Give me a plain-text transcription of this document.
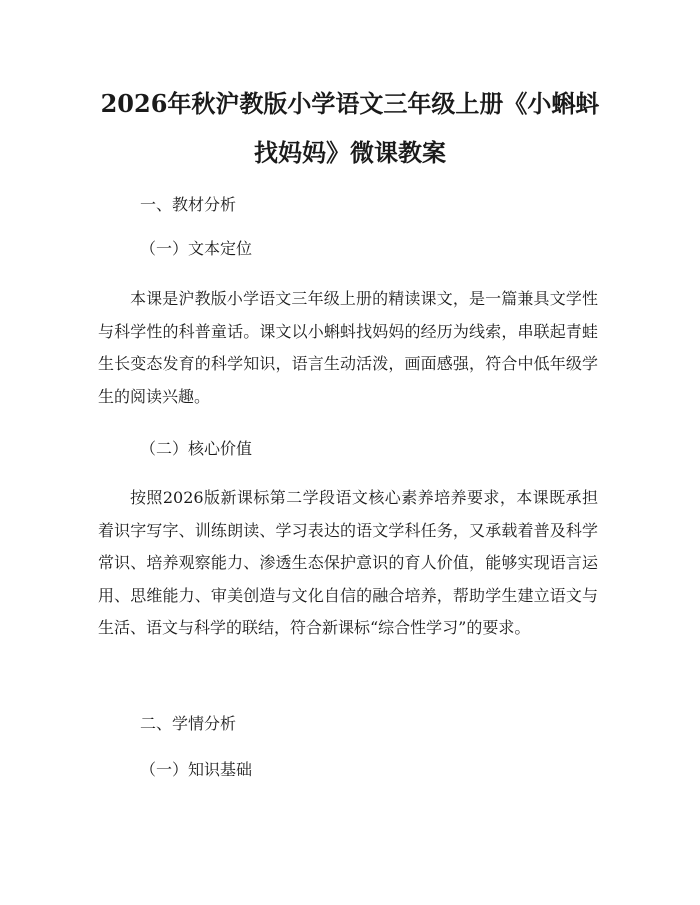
2026年秋沪教版小学语文三年级上册《小蝌蚪找妈妈》微课教案

一、教材分析

（一）文本定位

本课是沪教版小学语文三年级上册的精读课文，是一篇兼具文学性与科学性的科普童话。课文以小蝌蚪找妈妈的经历为线索，串联起青蛙生长变态发育的科学知识，语言生动活泼，画面感强，符合中低年级学生的阅读兴趣。

（二）核心价值

按照2026版新课标第二学段语文核心素养培养要求，本课既承担着识字写字、训练朗读、学习表达的语文学科任务，又承载着普及科学常识、培养观察能力、渗透生态保护意识的育人价值，能够实现语言运用、思维能力、审美创造与文化自信的融合培养，帮助学生建立语文与生活、语文与科学的联结，符合新课标“综合性学习”的要求。

二、学情分析

（一）知识基础
